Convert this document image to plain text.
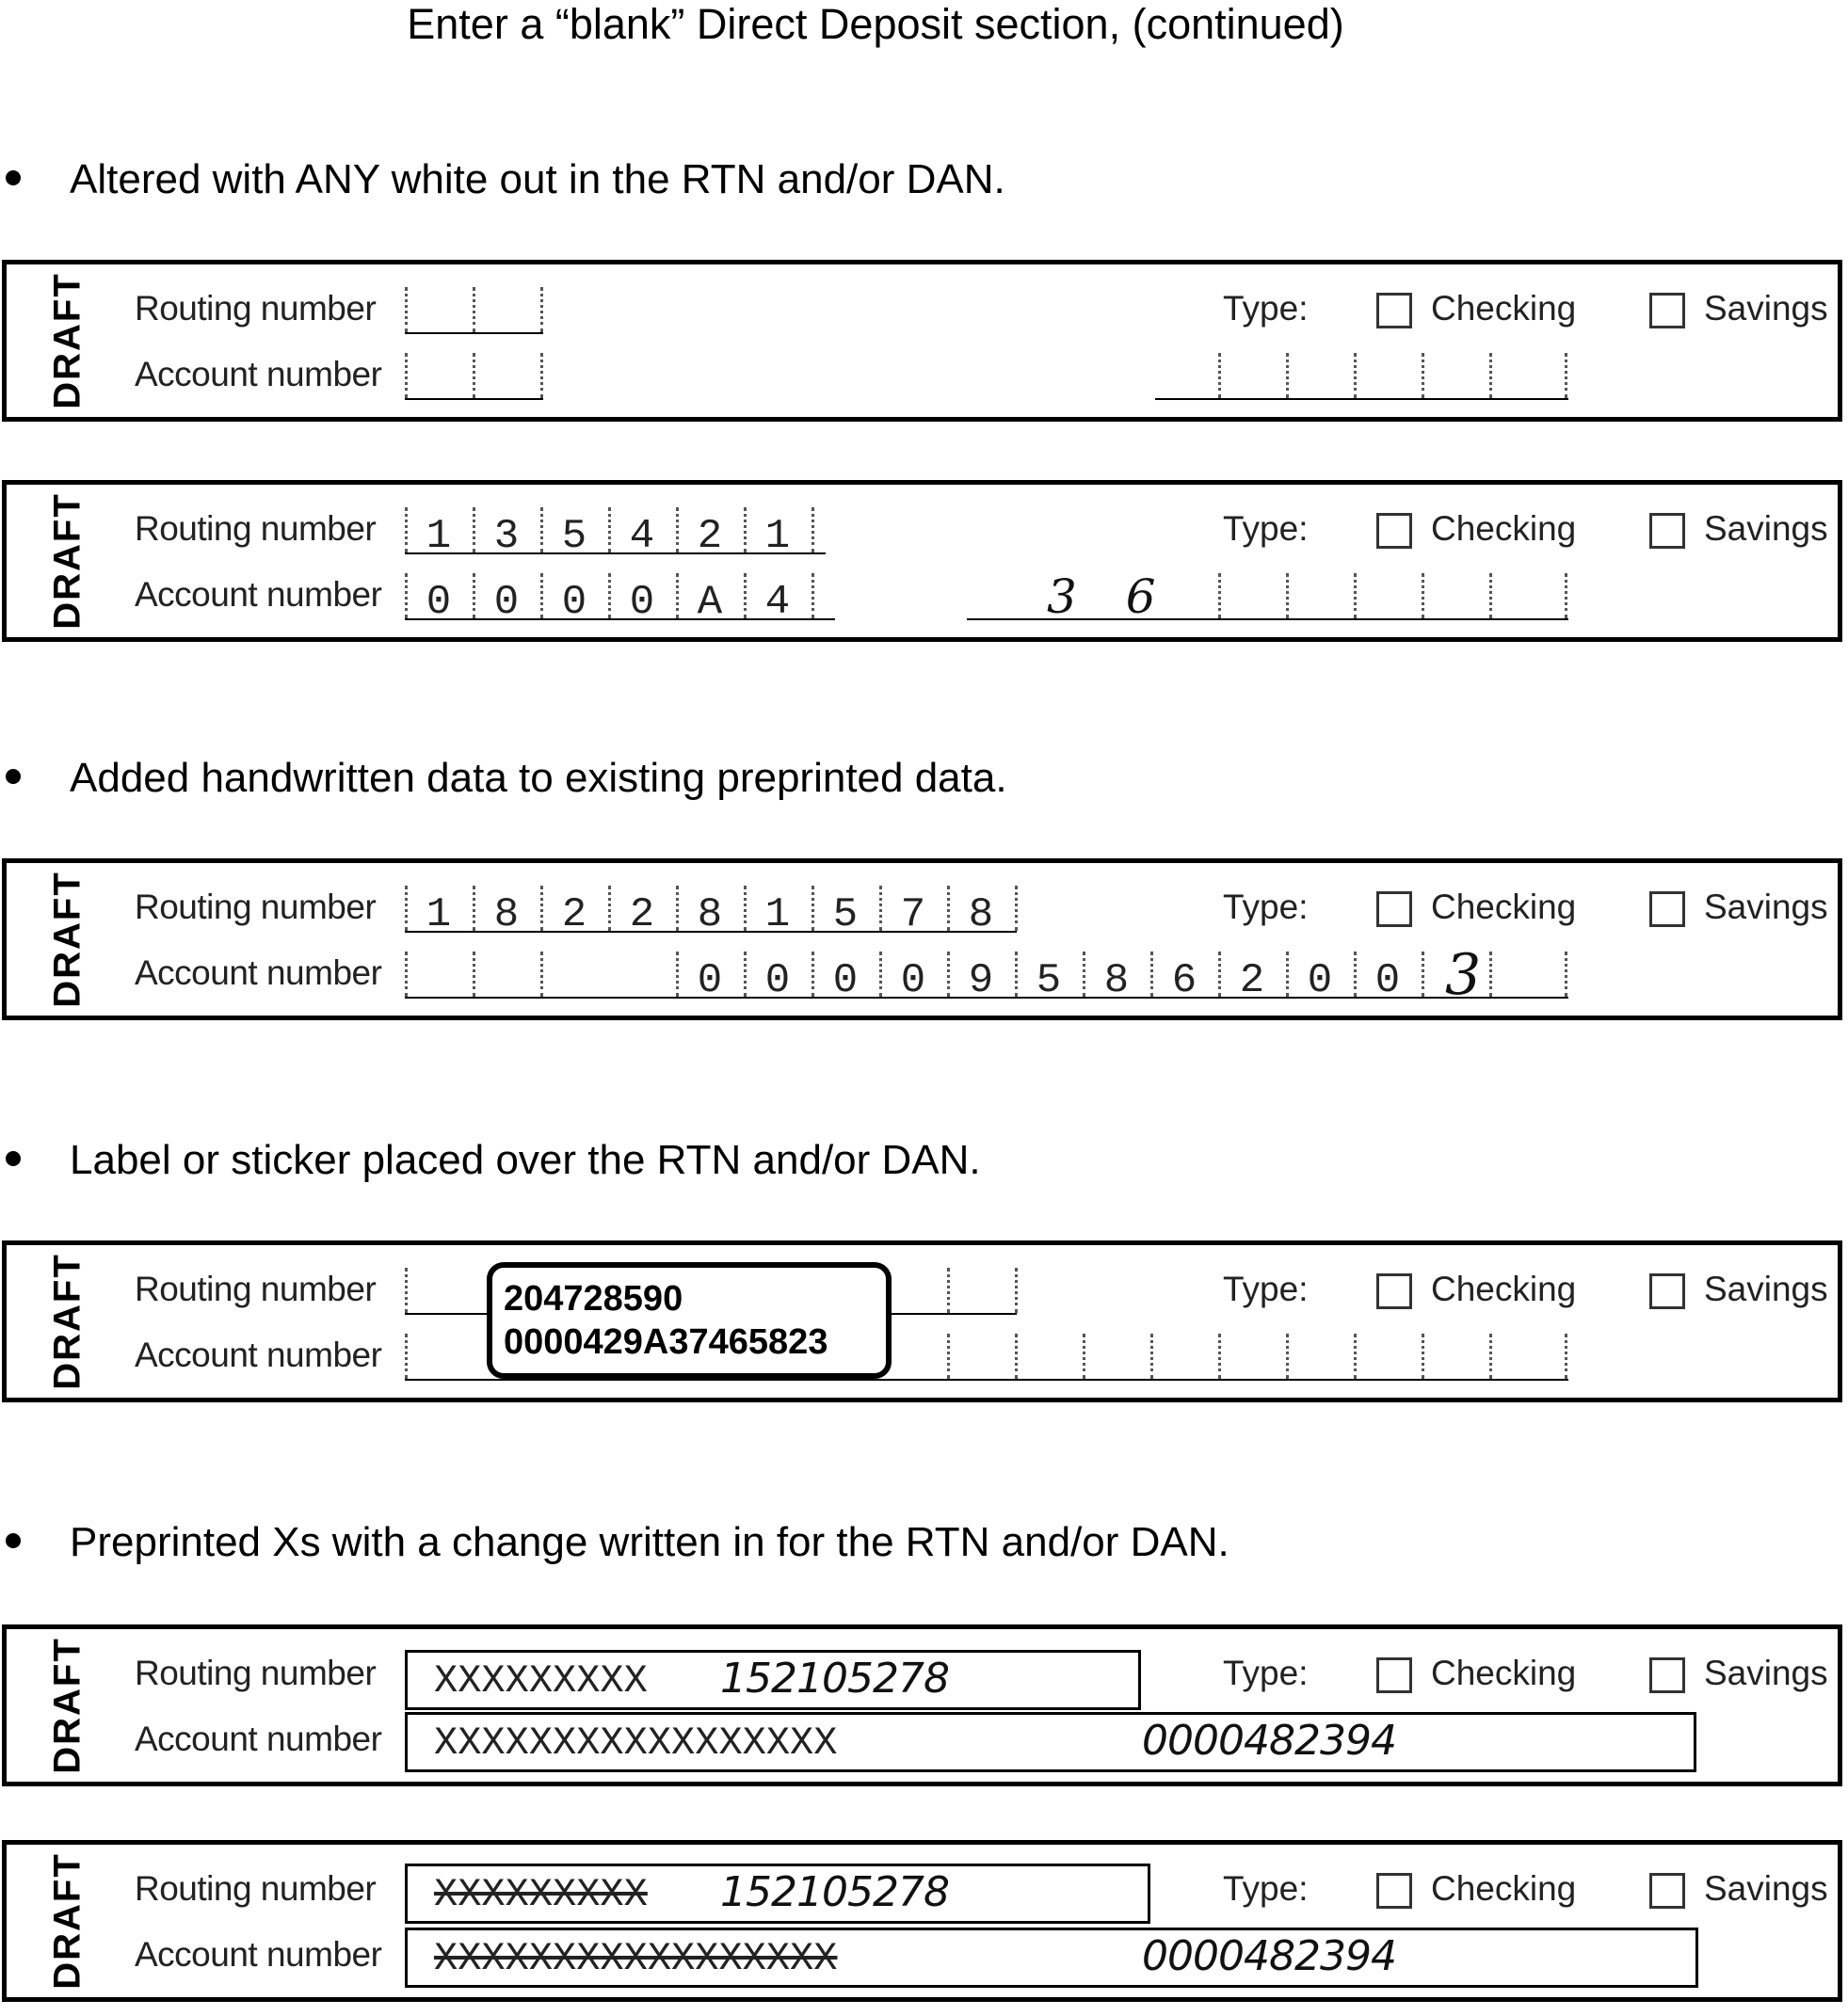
Enter a “blank” Direct Deposit section, (continued)
Altered with ANY white out in the RTN and/or DAN.
DRAFT Routing number
Account number
Type:	Checking	Savings
DRAFT Routing number
Account number
1	3	5	4	2	1
0	0	0	0	A	4	3 6
Type:	Checking	Savings
Added handwritten data to existing preprinted data.
DRAFT Routing number
Account number
1	8	2	2	8	1	5	7	8
0	0	0	0	9	5	8	6	2	0	0 3
Type:	Checking	Savings
Label or sticker placed over the RTN and/or DAN.
DRAFT Routing number
Account number
204728590
0000429A37465823
Type:	Checking	Savings
Preprinted Xs with a change written in for the RTN and/or DAN.
DRAFT Routing number
Account number
XXXXXXXXX 152105278
XXXXXXXXXXXXXXXXX	0000482394
Type:	Checking	Savings
DRAFT Routing number
Account number
XXXXXXXXX 152105278
XXXXXXXXXXXXXXXXX	0000482394
Type:	Checking	Savings
